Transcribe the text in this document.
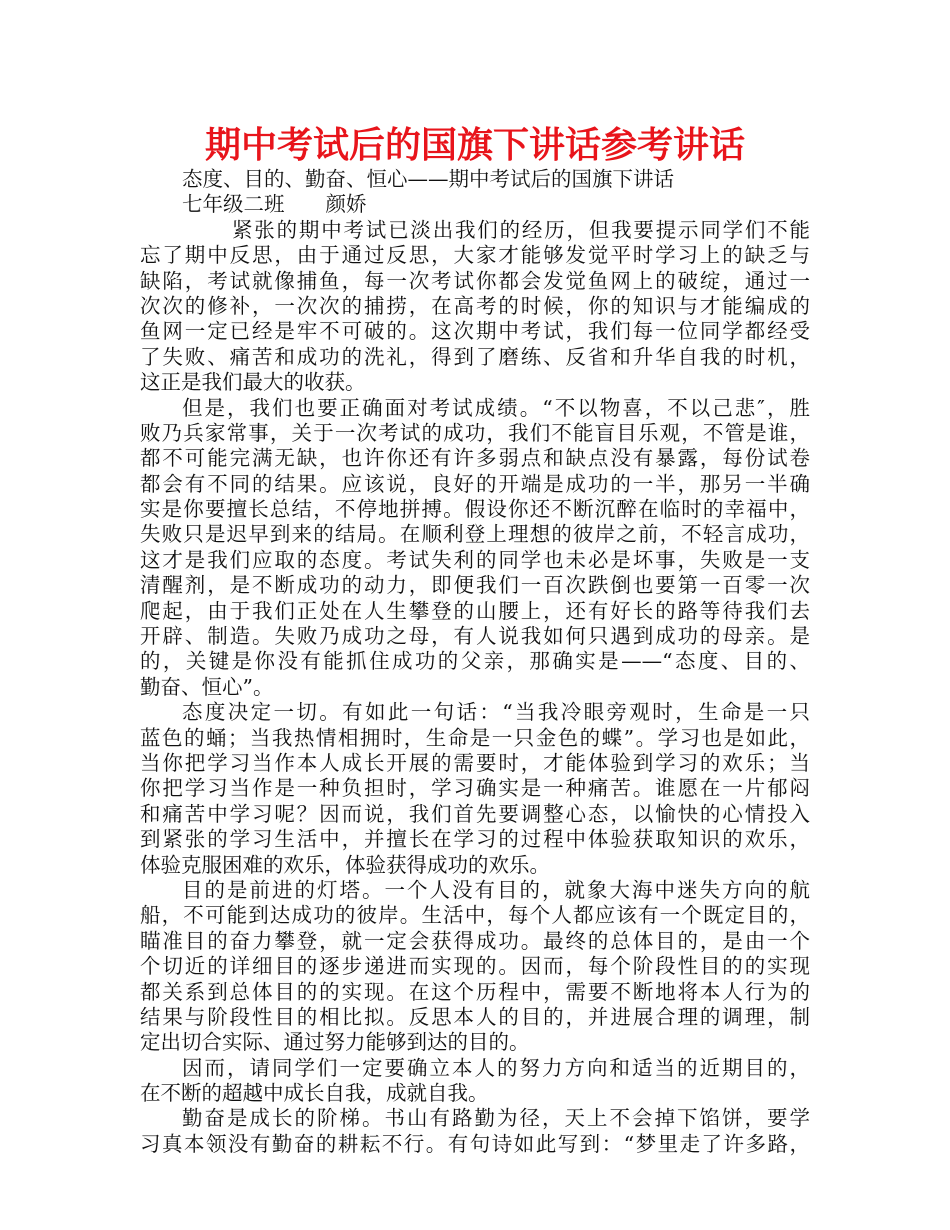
期中考试后的国旗下讲话参考讲话
态度、目的、勤奋、恒心——期中考试后的国旗下讲话
七年级二班　　颜娇
紧张的期中考试已淡出我们的经历，但我要提示同学们不能
忘了期中反思，由于通过反思，大家才能够发觉平时学习上的缺乏与
缺陷，考试就像捕鱼，每一次考试你都会发觉鱼网上的破绽，通过一
次次的修补，一次次的捕捞，在高考的时候，你的知识与才能编成的
鱼网一定已经是牢不可破的。这次期中考试，我们每一位同学都经受
了失败、痛苦和成功的洗礼，得到了磨练、反省和升华自我的时机，
这正是我们最大的收获。
但是，我们也要正确面对考试成绩。“不以物喜，不以己悲″，胜
败乃兵家常事，关于一次考试的成功，我们不能盲目乐观，不管是谁，
都不可能完满无缺，也许你还有许多弱点和缺点没有暴露，每份试卷
都会有不同的结果。应该说，良好的开端是成功的一半，那另一半确
实是你要擅长总结，不停地拼搏。假设你还不断沉醉在临时的幸福中，
失败只是迟早到来的结局。在顺利登上理想的彼岸之前，不轻言成功，
这才是我们应取的态度。考试失利的同学也未必是坏事，失败是一支
清醒剂，是不断成功的动力，即便我们一百次跌倒也要第一百零一次
爬起，由于我们正处在人生攀登的山腰上，还有好长的路等待我们去
开辟、制造。失败乃成功之母，有人说我如何只遇到成功的母亲。是
的，关键是你没有能抓住成功的父亲，那确实是——“态度、目的、
勤奋、恒心”。
态度决定一切。有如此一句话：“当我冷眼旁观时，生命是一只
蓝色的蛹；当我热情相拥时，生命是一只金色的蝶”。学习也是如此，
当你把学习当作本人成长开展的需要时，才能体验到学习的欢乐；当
你把学习当作是一种负担时，学习确实是一种痛苦。谁愿在一片郁闷
和痛苦中学习呢？因而说，我们首先要调整心态，以愉快的心情投入
到紧张的学习生活中，并擅长在学习的过程中体验获取知识的欢乐，
体验克服困难的欢乐，体验获得成功的欢乐。
目的是前进的灯塔。一个人没有目的，就象大海中迷失方向的航
船，不可能到达成功的彼岸。生活中，每个人都应该有一个既定目的，
瞄准目的奋力攀登，就一定会获得成功。最终的总体目的，是由一个
个切近的详细目的逐步递进而实现的。因而，每个阶段性目的的实现
都关系到总体目的的实现。在这个历程中，需要不断地将本人行为的
结果与阶段性目的相比拟。反思本人的目的，并进展合理的调理，制
定出切合实际、通过努力能够到达的目的。
因而，请同学们一定要确立本人的努力方向和适当的近期目的，
在不断的超越中成长自我，成就自我。
勤奋是成长的阶梯。书山有路勤为径，天上不会掉下馅饼，要学
习真本领没有勤奋的耕耘不行。有句诗如此写到：“梦里走了许多路，
